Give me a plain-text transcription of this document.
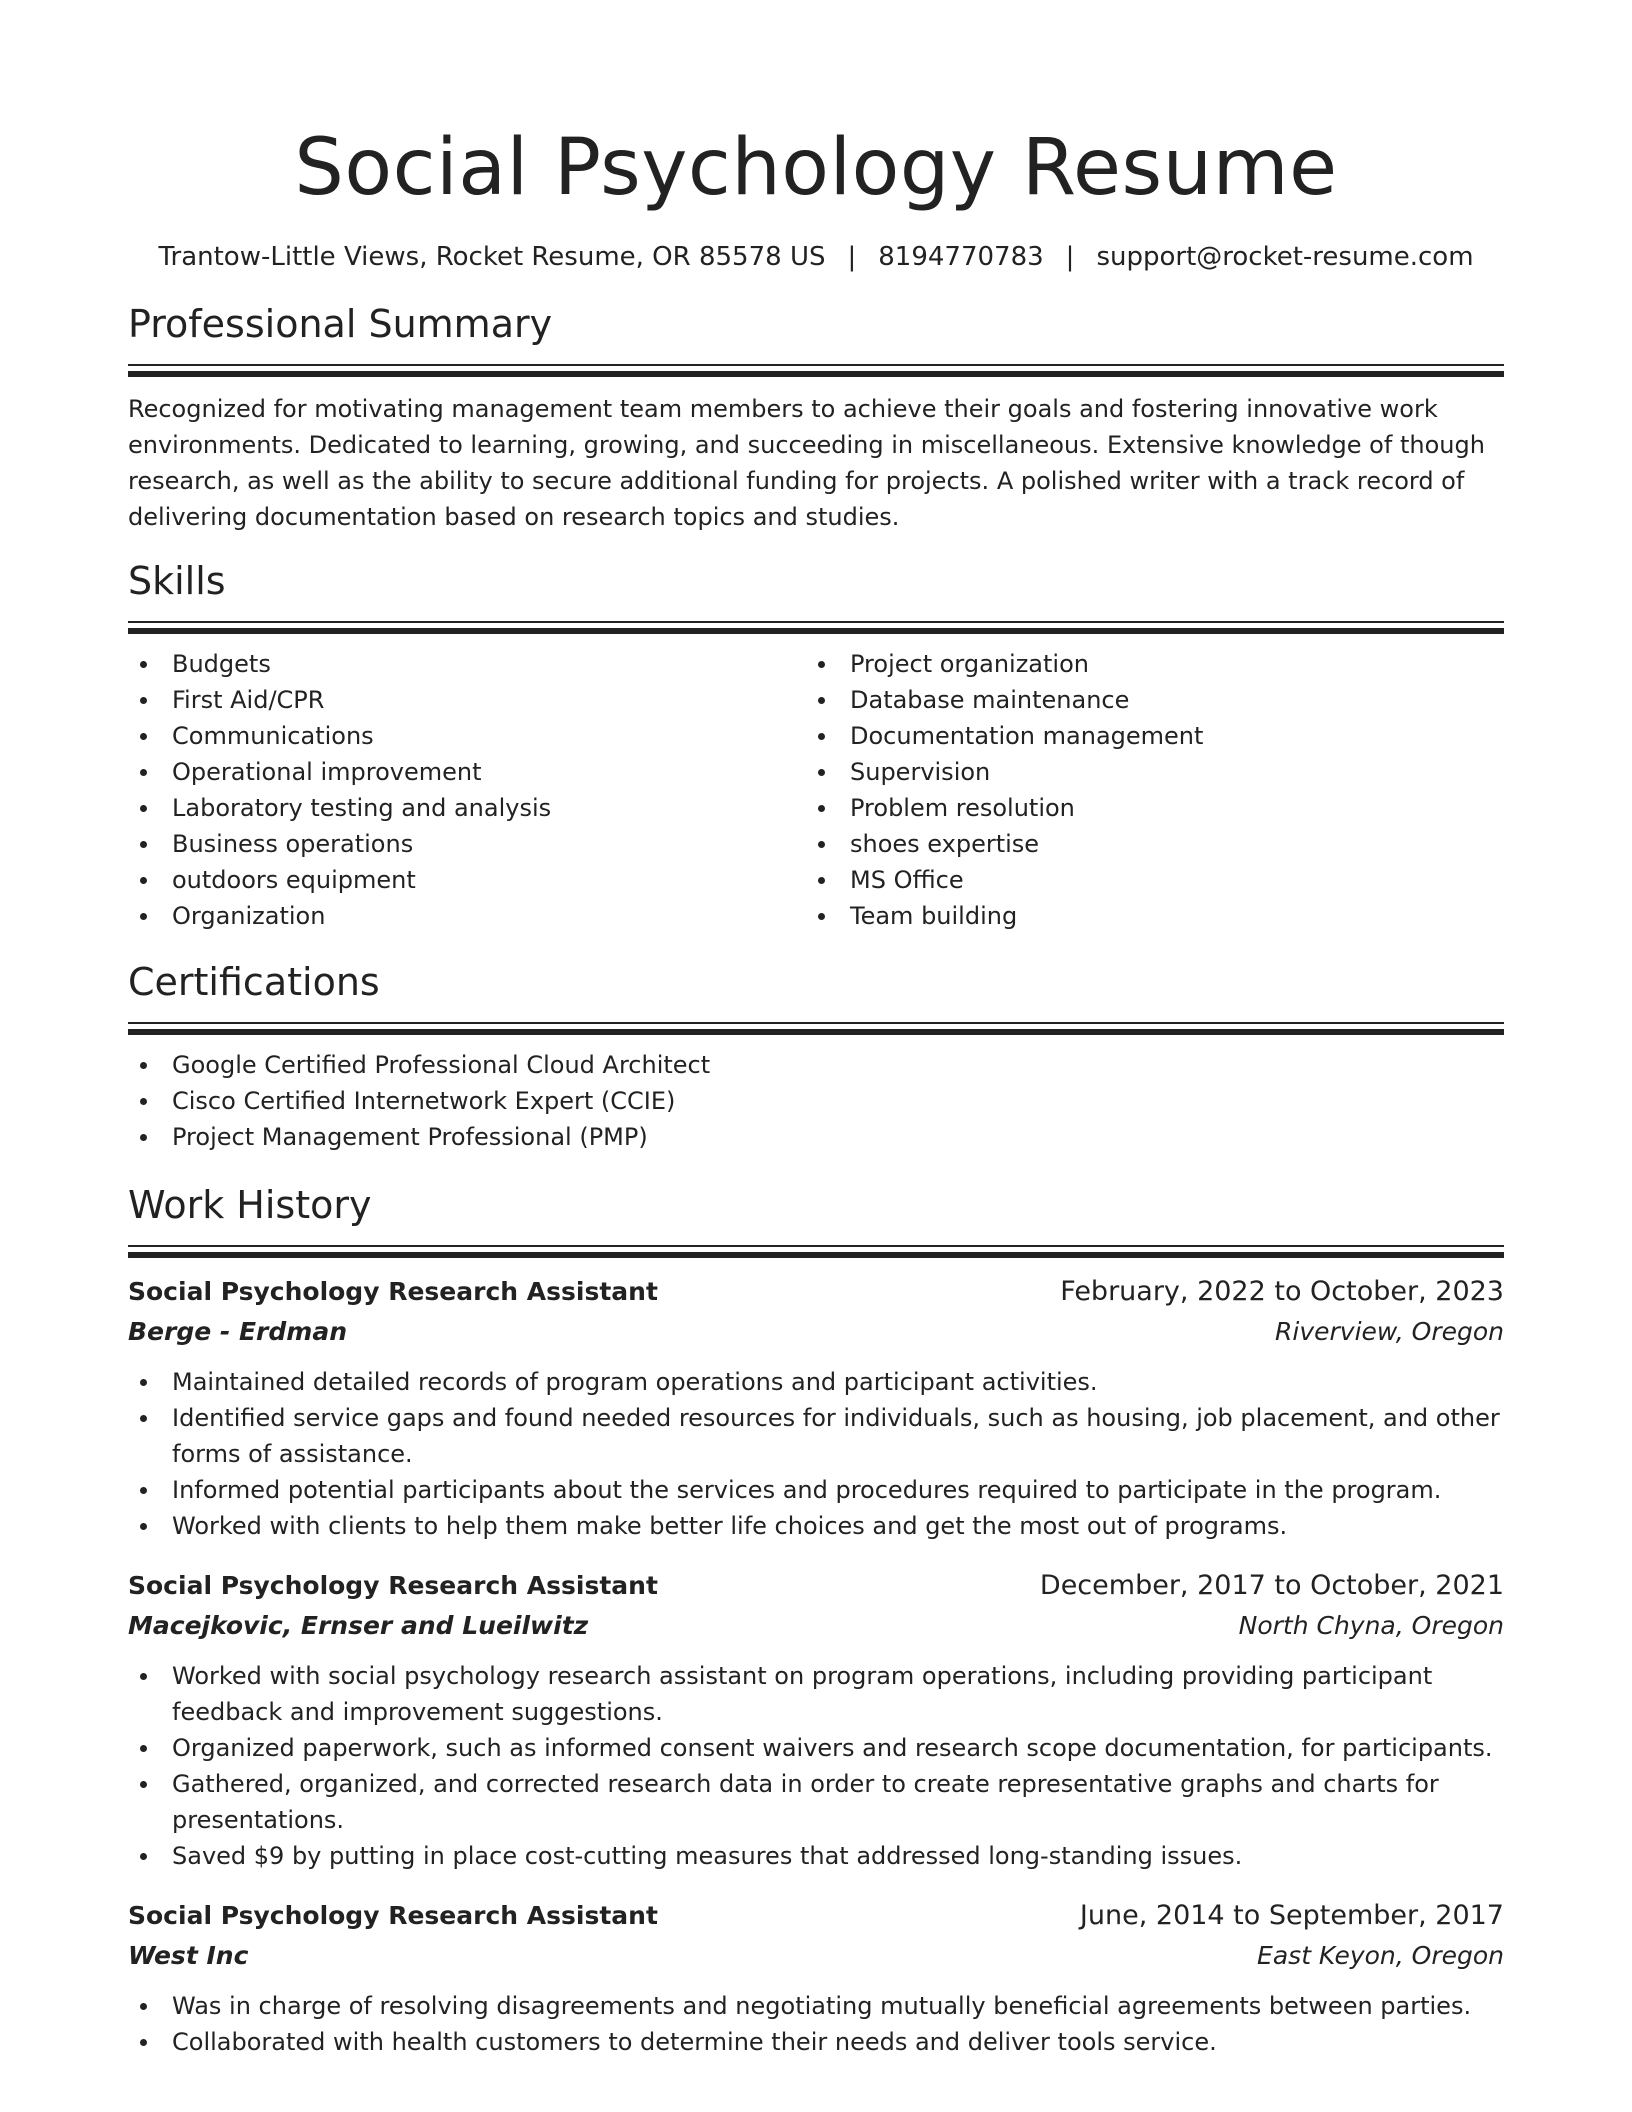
Social Psychology Resume
Trantow-Little Views, Rocket Resume, OR 85578 US | 8194770783 | support@rocket-resume.com
Professional Summary
Recognized for motivating management team members to achieve their goals and fostering innovative work environments. Dedicated to learning, growing, and succeeding in miscellaneous. Extensive knowledge of though research, as well as the ability to secure additional funding for projects. A polished writer with a track record of delivering documentation based on research topics and studies.
Skills
Budgets
First Aid/CPR
Communications
Operational improvement
Laboratory testing and analysis
Business operations
outdoors equipment
Organization
Project organization
Database maintenance
Documentation management
Supervision
Problem resolution
shoes expertise
MS Office
Team building
Certifications
Google Certified Professional Cloud Architect
Cisco Certified Internetwork Expert (CCIE)
Project Management Professional (PMP)
Work History
Social Psychology Research Assistant	February, 2022 to October, 2023
Berge - Erdman	Riverview, Oregon
Maintained detailed records of program operations and participant activities.
Identified service gaps and found needed resources for individuals, such as housing, job placement, and other forms of assistance.
Informed potential participants about the services and procedures required to participate in the program.
Worked with clients to help them make better life choices and get the most out of programs.
Social Psychology Research Assistant	December, 2017 to October, 2021
Macejkovic, Ernser and Lueilwitz	North Chyna, Oregon
Worked with social psychology research assistant on program operations, including providing participant feedback and improvement suggestions.
Organized paperwork, such as informed consent waivers and research scope documentation, for participants.
Gathered, organized, and corrected research data in order to create representative graphs and charts for presentations.
Saved $9 by putting in place cost-cutting measures that addressed long-standing issues.
Social Psychology Research Assistant	June, 2014 to September, 2017
West Inc	East Keyon, Oregon
Was in charge of resolving disagreements and negotiating mutually beneficial agreements between parties.
Collaborated with health customers to determine their needs and deliver tools service.
